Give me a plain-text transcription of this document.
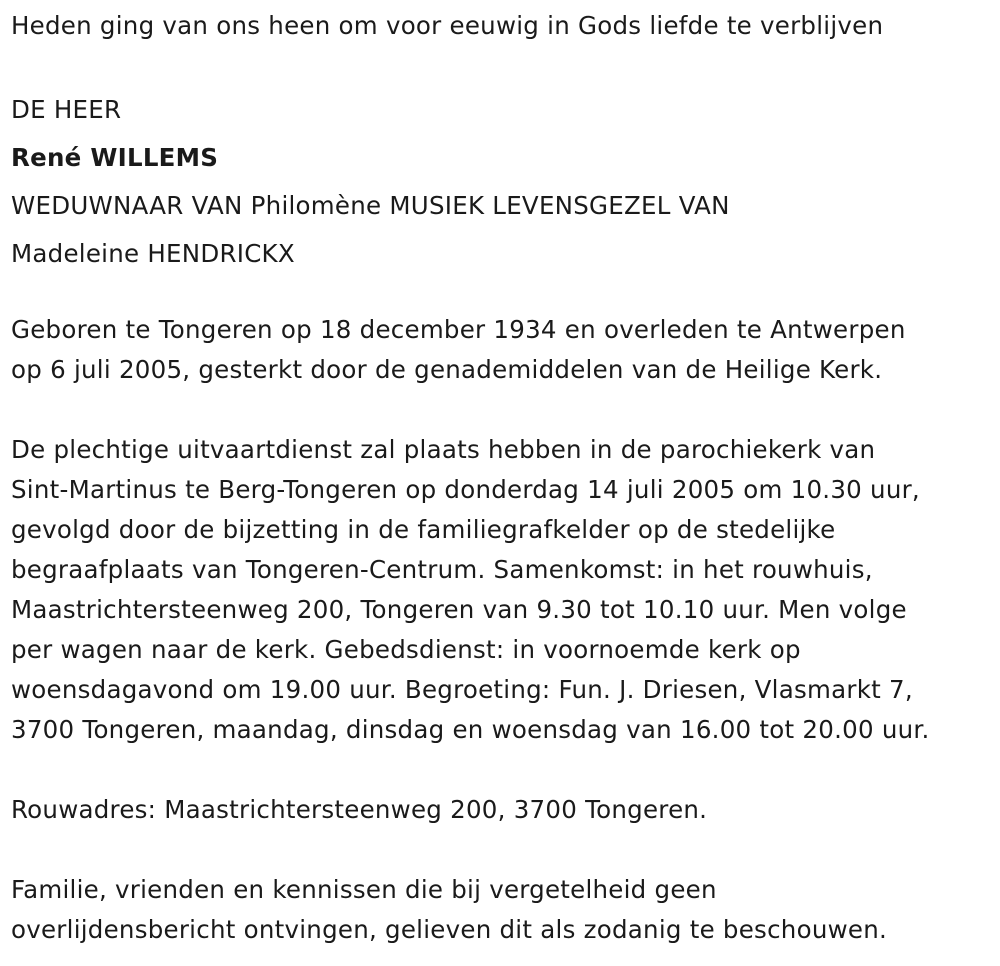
Heden ging van ons heen om voor eeuwig in Gods liefde te verblijven
DE HEER
René WILLEMS
WEDUWNAAR VAN Philomène MUSIEK LEVENSGEZEL VAN
Madeleine HENDRICKX
Geboren te Tongeren op 18 december 1934 en overleden te Antwerpen
op 6 juli 2005, gesterkt door de genademiddelen van de Heilige Kerk.
De plechtige uitvaartdienst zal plaats hebben in de parochiekerk van
Sint-Martinus te Berg-Tongeren op donderdag 14 juli 2005 om 10.30 uur,
gevolgd door de bijzetting in de familiegrafkelder op de stedelijke
begraafplaats van Tongeren-Centrum. Samenkomst: in het rouwhuis,
Maastrichtersteenweg 200, Tongeren van 9.30 tot 10.10 uur. Men volge
per wagen naar de kerk. Gebedsdienst: in voornoemde kerk op
woensdagavond om 19.00 uur. Begroeting: Fun. J. Driesen, Vlasmarkt 7,
3700 Tongeren, maandag, dinsdag en woensdag van 16.00 tot 20.00 uur.
Rouwadres: Maastrichtersteenweg 200, 3700 Tongeren.
Familie, vrienden en kennissen die bij vergetelheid geen
overlijdensbericht ontvingen, gelieven dit als zodanig te beschouwen.
